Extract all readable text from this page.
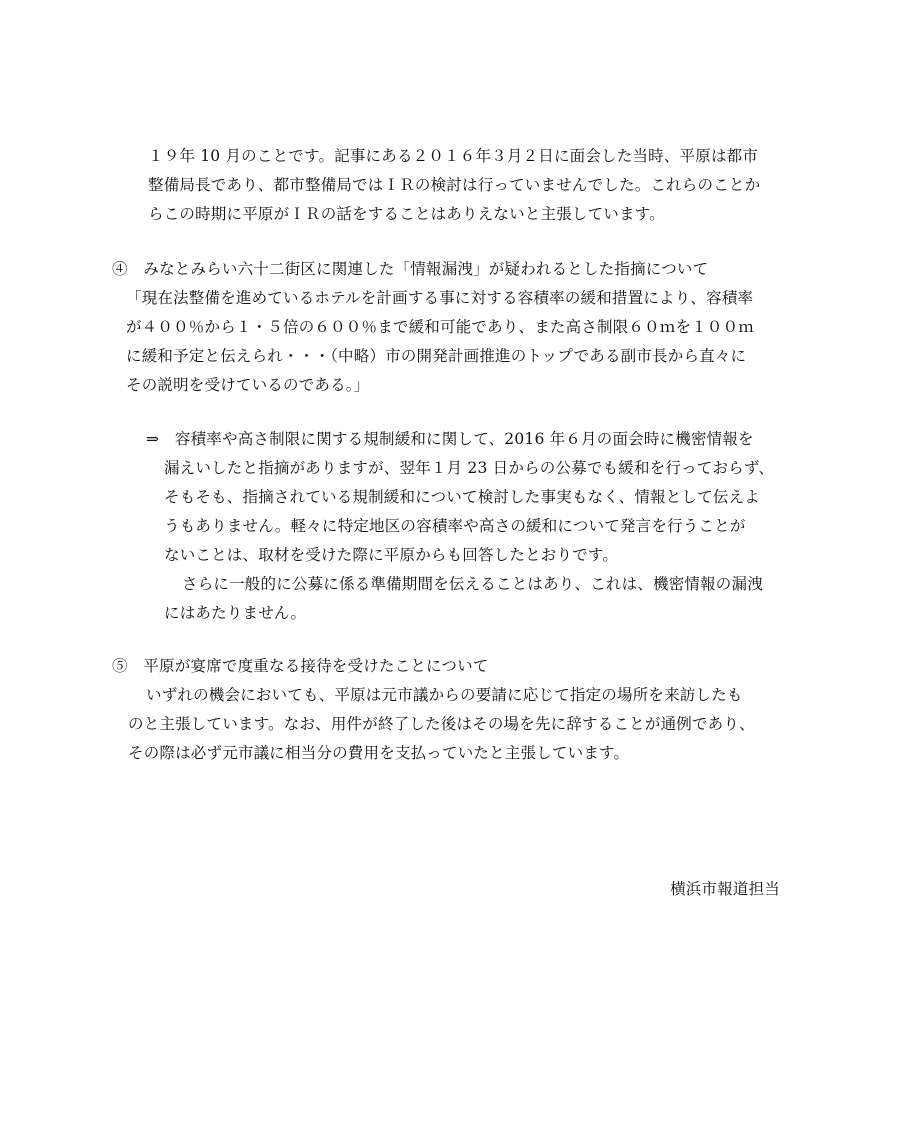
１９年 10 月のことです。記事にある２０１６年３月２日に面会した当時、平原は都市
整備局長であり、都市整備局ではＩＲの検討は行っていませんでした。これらのことか
らこの時期に平原がＩＲの話をすることはありえないと主張しています。
④　みなとみらい六十二街区に関連した「情報漏洩」が疑われるとした指摘について
「現在法整備を進めているホテルを計画する事に対する容積率の緩和措置により、容積率
が４００％から１・５倍の６００％まで緩和可能であり、また高さ制限６０ｍを１００ｍ
に緩和予定と伝えられ・・・（中略）市の開発計画推進のトップである副市長から直々に
その説明を受けているのである。」
⇒　容積率や高さ制限に関する規制緩和に関して、2016 年６月の面会時に機密情報を
漏えいしたと指摘がありますが、翌年１月 23 日からの公募でも緩和を行っておらず、
そもそも、指摘されている規制緩和について検討した事実もなく、情報として伝えよ
うもありません。軽々に特定地区の容積率や高さの緩和について発言を行うことが
ないことは、取材を受けた際に平原からも回答したとおりです。
さらに一般的に公募に係る準備期間を伝えることはあり、これは、機密情報の漏洩
にはあたりません。
⑤　平原が宴席で度重なる接待を受けたことについて
いずれの機会においても、平原は元市議からの要請に応じて指定の場所を来訪したも
のと主張しています。なお、用件が終了した後はその場を先に辞することが通例であり、
その際は必ず元市議に相当分の費用を支払っていたと主張しています。
横浜市報道担当
